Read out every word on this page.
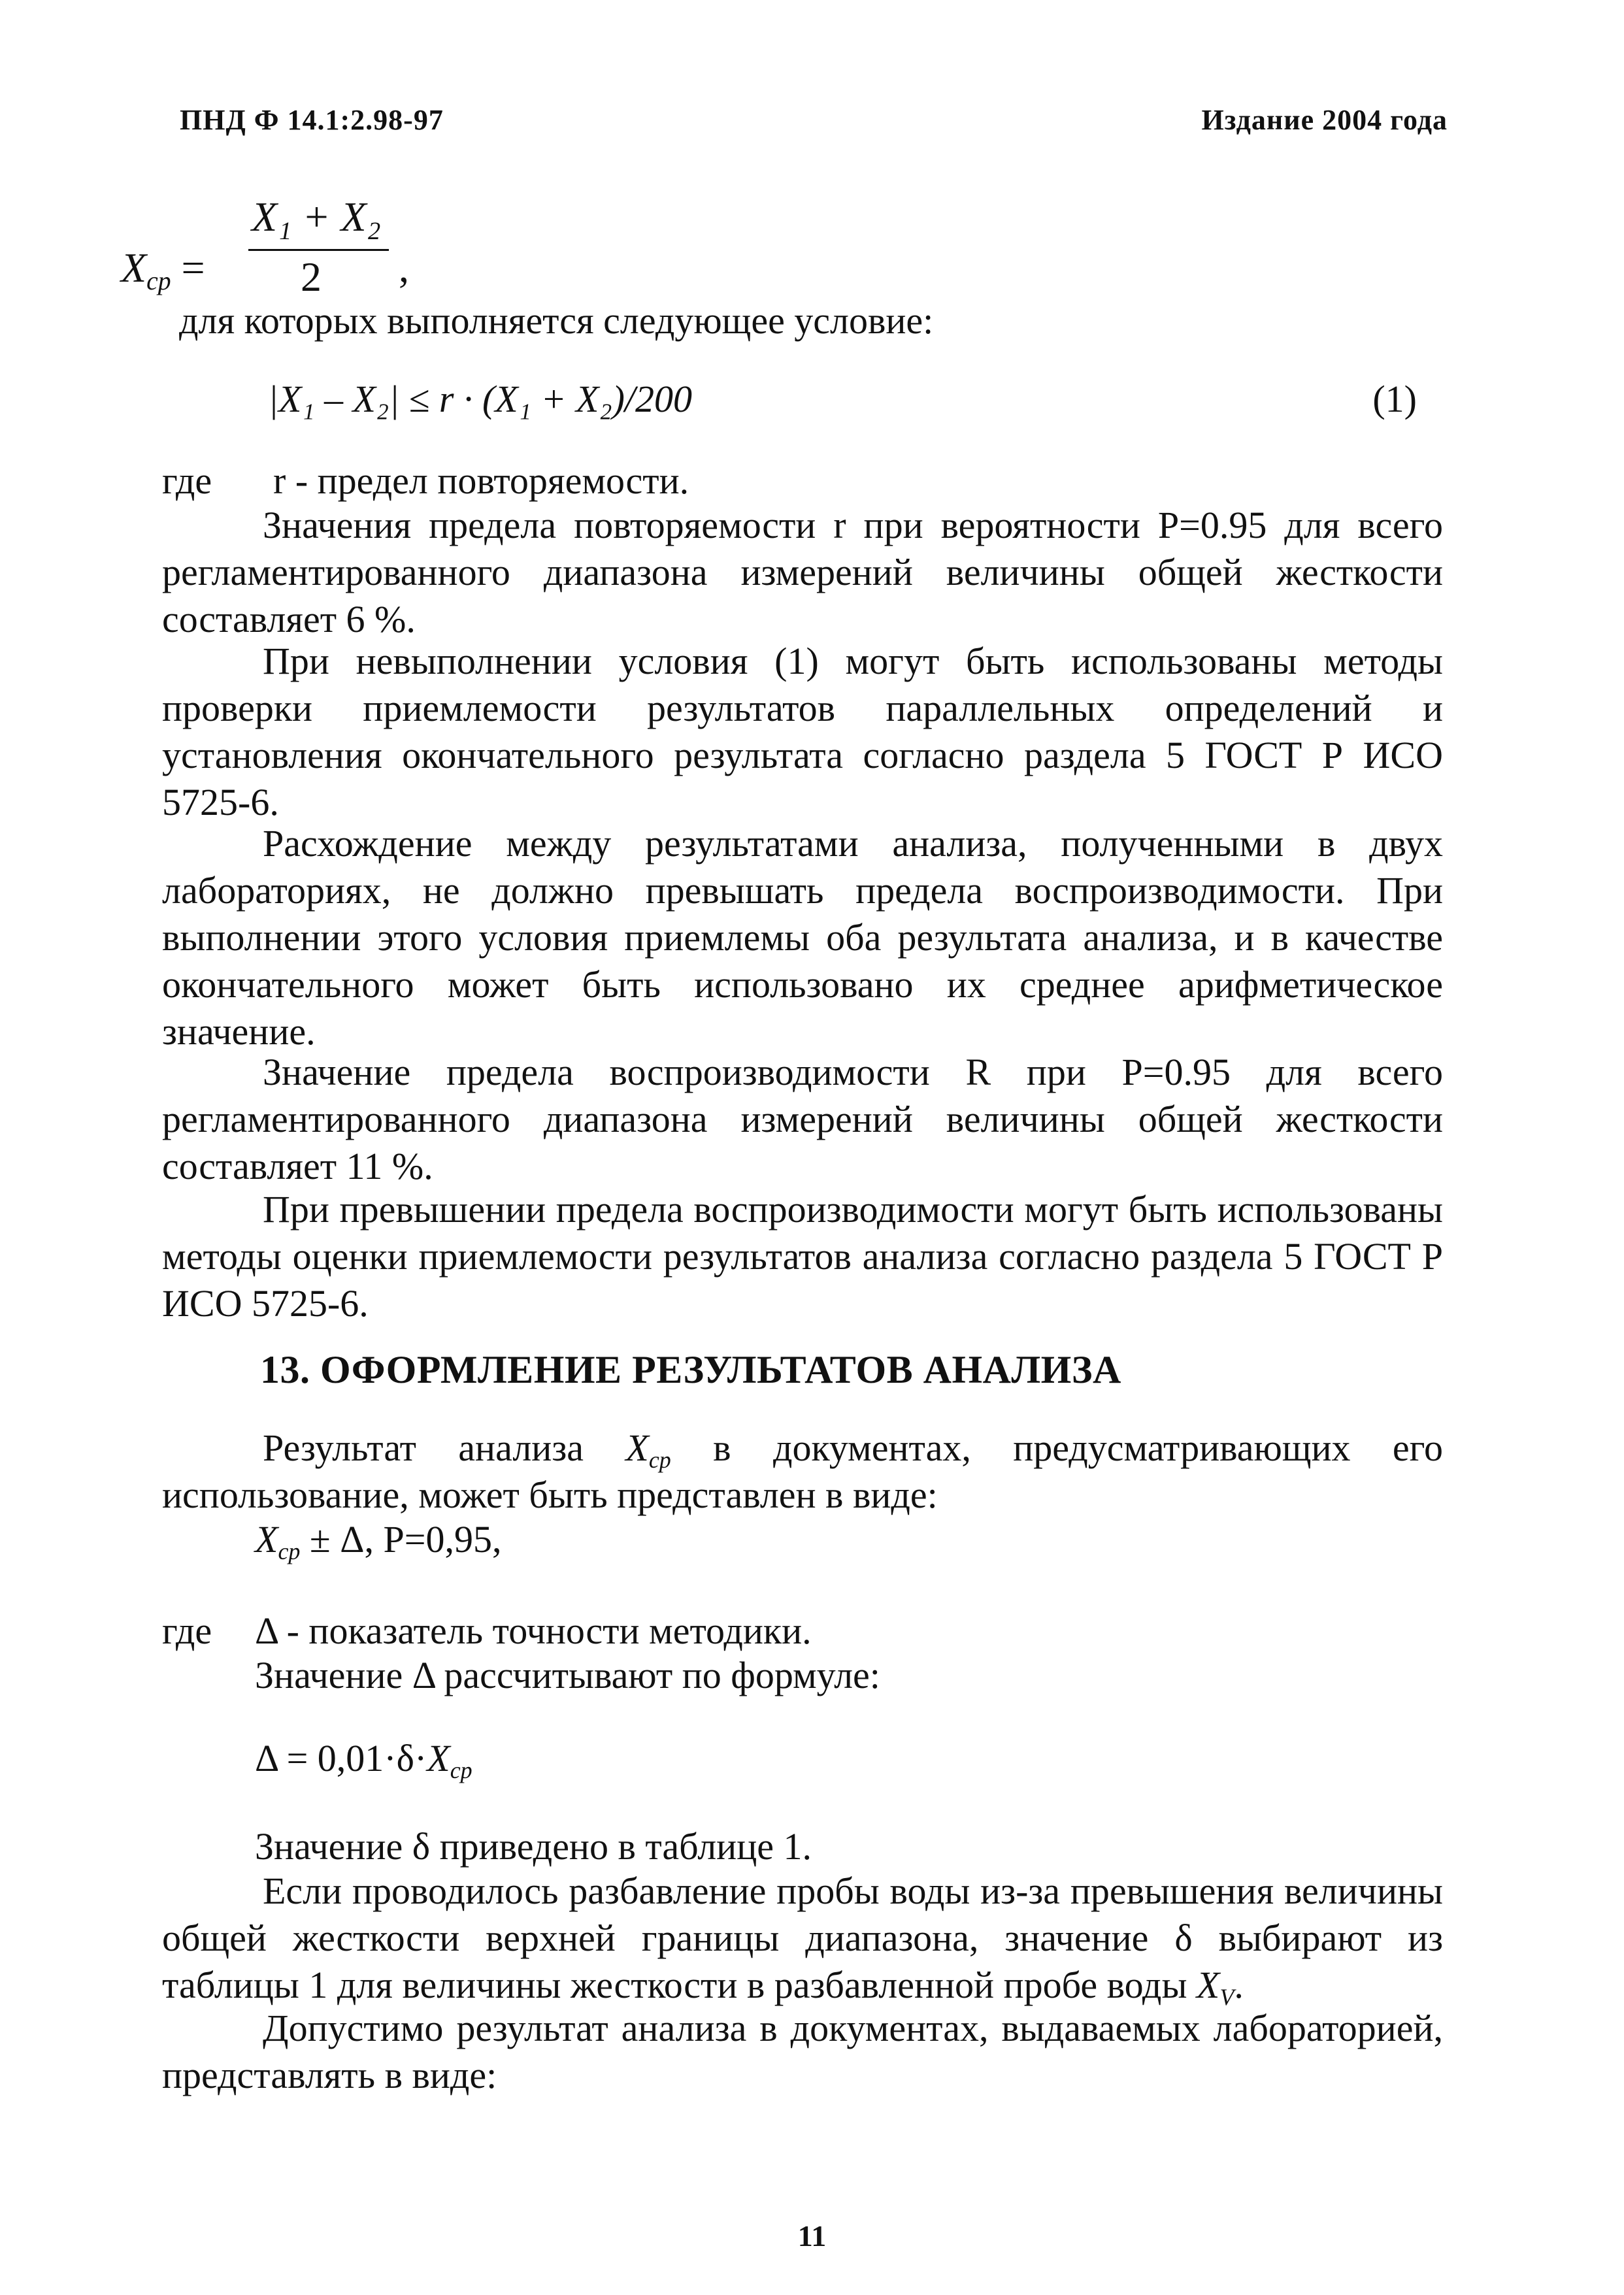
ПНД Ф 14.1:2.98-97	Издание 2004 года
$X_{ср}$ =
X₁ + X₂
2 ,
для которых выполняется следующее условие:
|X₁ – X₂| ≤ r · (X₁ + X₂)/200	(1)
где r - предел повторяемости.
Значения предела повторяемости r при вероятности P=0.95 для всего регламентированного диапазона измерений величины общей жесткости составляет 6 %.
При невыполнении условия (1) могут быть использованы методы проверки приемлемости результатов параллельных определений и установления окончательного результата согласно раздела 5 ГОСТ Р ИСО 5725-6.
Расхождение между результатами анализа, полученными в двух лабораториях, не должно превышать предела воспроизводимости. При выполнении этого условия приемлемы оба результата анализа, и в качестве окончательного может быть использовано их среднее арифметическое значение.
Значение предела воспроизводимости R при P=0.95 для всего регламентированного диапазона измерений величины общей жесткости составляет 11 %.
При превышении предела воспроизводимости могут быть использованы методы оценки приемлемости результатов анализа согласно раздела 5 ГОСТ Р ИСО 5725-6.
13. ОФОРМЛЕНИЕ РЕЗУЛЬТАТОВ АНАЛИЗА
Результат анализа $X_{ср}$ в документах, предусматривающих его использование, может быть представлен в виде:
$X_{ср} \pm \Delta$, P=0,95,
где Δ - показатель точности методики.
Значение Δ рассчитывают по формуле:
$\Delta = 0,01\cdot\delta\cdot X_{ср}$
Значение δ приведено в таблице 1.
Если проводилось разбавление пробы воды из-за превышения величины общей жесткости верхней границы диапазона, значение δ выбирают из таблицы 1 для величины жесткости в разбавленной пробе воды $X_V$.
Допустимо результат анализа в документах, выдаваемых лабораторией, представлять в виде:
11
